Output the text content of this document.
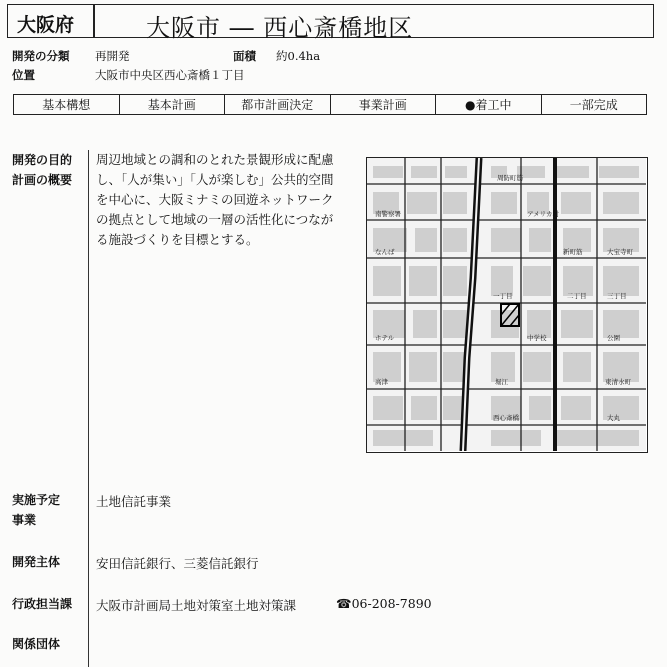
大阪府	大阪市 ― 西心斎橋地区
開発の分類 再開発	面積 約0.4ha
位置	大阪市中央区西心斎橋１丁目
基本構想	基本計画	都市計画決定	事業計画	●着工中	一部完成
開発の目的
計画の概要
周辺地域との調和のとれた景観形成に配慮し、「人が集い」「人が楽しむ」公共的空間を中心に、大阪ミナミの回遊ネットワークの拠点として地域の一層の活性化につながる施設づくりを目標とする。
周防町筋
南警察署	アメリカ村
新町筋
なんば	大宝寺町
一丁目	二丁目	三丁目
ホテル	中学校	公園
高津	堀江	東清水町
西心斎橋	大丸
実施予定
事業
土地信託事業
開発主体	安田信託銀行、三菱信託銀行
行政担当課 大阪市計画局土地対策室土地対策課	☎06-208-7890
関係団体
